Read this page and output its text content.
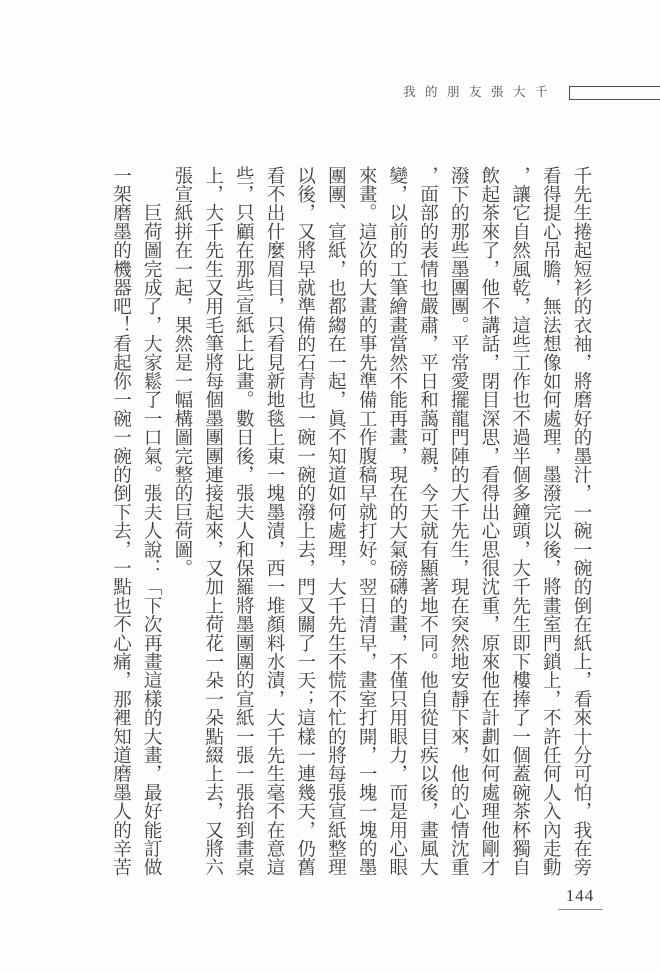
我的朋友張大千
千先生捲起短衫的衣袖，將磨好的墨汁，一碗一碗的倒在紙上，看來十分可怕，我在旁
看得提心吊膽，無法想像如何處理，墨潑完以後，將畫室門鎖上，不許任何人入內走動
，讓它自然風乾，這些工作也不過半個多鐘頭，大千先生即下樓捧了一個蓋碗茶杯獨自
飲起茶來了，他不講話，閉目深思，看得出心思很沈重，原來他在計劃如何處理他剛才
潑下的那些墨團團。平常愛擺龍門陣的大千先生，現在突然地安靜下來，他的心情沈重
，面部的表情也嚴肅，平日和藹可親，今天就有顯著地不同。他自從目疾以後，畫風大
變，以前的工筆繪畫當然不能再畫，現在的大氣磅礴的畫，不僅只用眼力，而是用心眼
來畫。這次的大畫的事先準備工作腹稿早就打好。翌日清早，畫室打開，一塊一塊的墨
團團、宣紙，也都縐在一起，眞不知道如何處理，大千先生不慌不忙的將每張宣紙整理
以後，又將早就準備的石青也一碗一碗的潑上去，門又關了一天；這樣一連幾天，仍舊
看不出什麼眉目，只看見新地毯上東一塊墨漬，西一堆顏料水漬，大千先生毫不在意這
些，只顧在那些宣紙上比畫。數日後，張夫人和保羅將墨團團的宣紙一張一張抬到畫桌
上，大千先生又用毛筆將每個墨團團連接起來，又加上荷花一朵一朵點綴上去，又將六
張宣紙拼在一起，果然是一幅構圖完整的巨荷圖。
　　巨荷圖完成了，大家鬆了一口氣。張夫人說：「下次再畫這樣的大畫，最好能訂做
一架磨墨的機器吧！看起你一碗一碗的倒下去，一點也不心痛，那裡知道磨墨人的辛苦
144
